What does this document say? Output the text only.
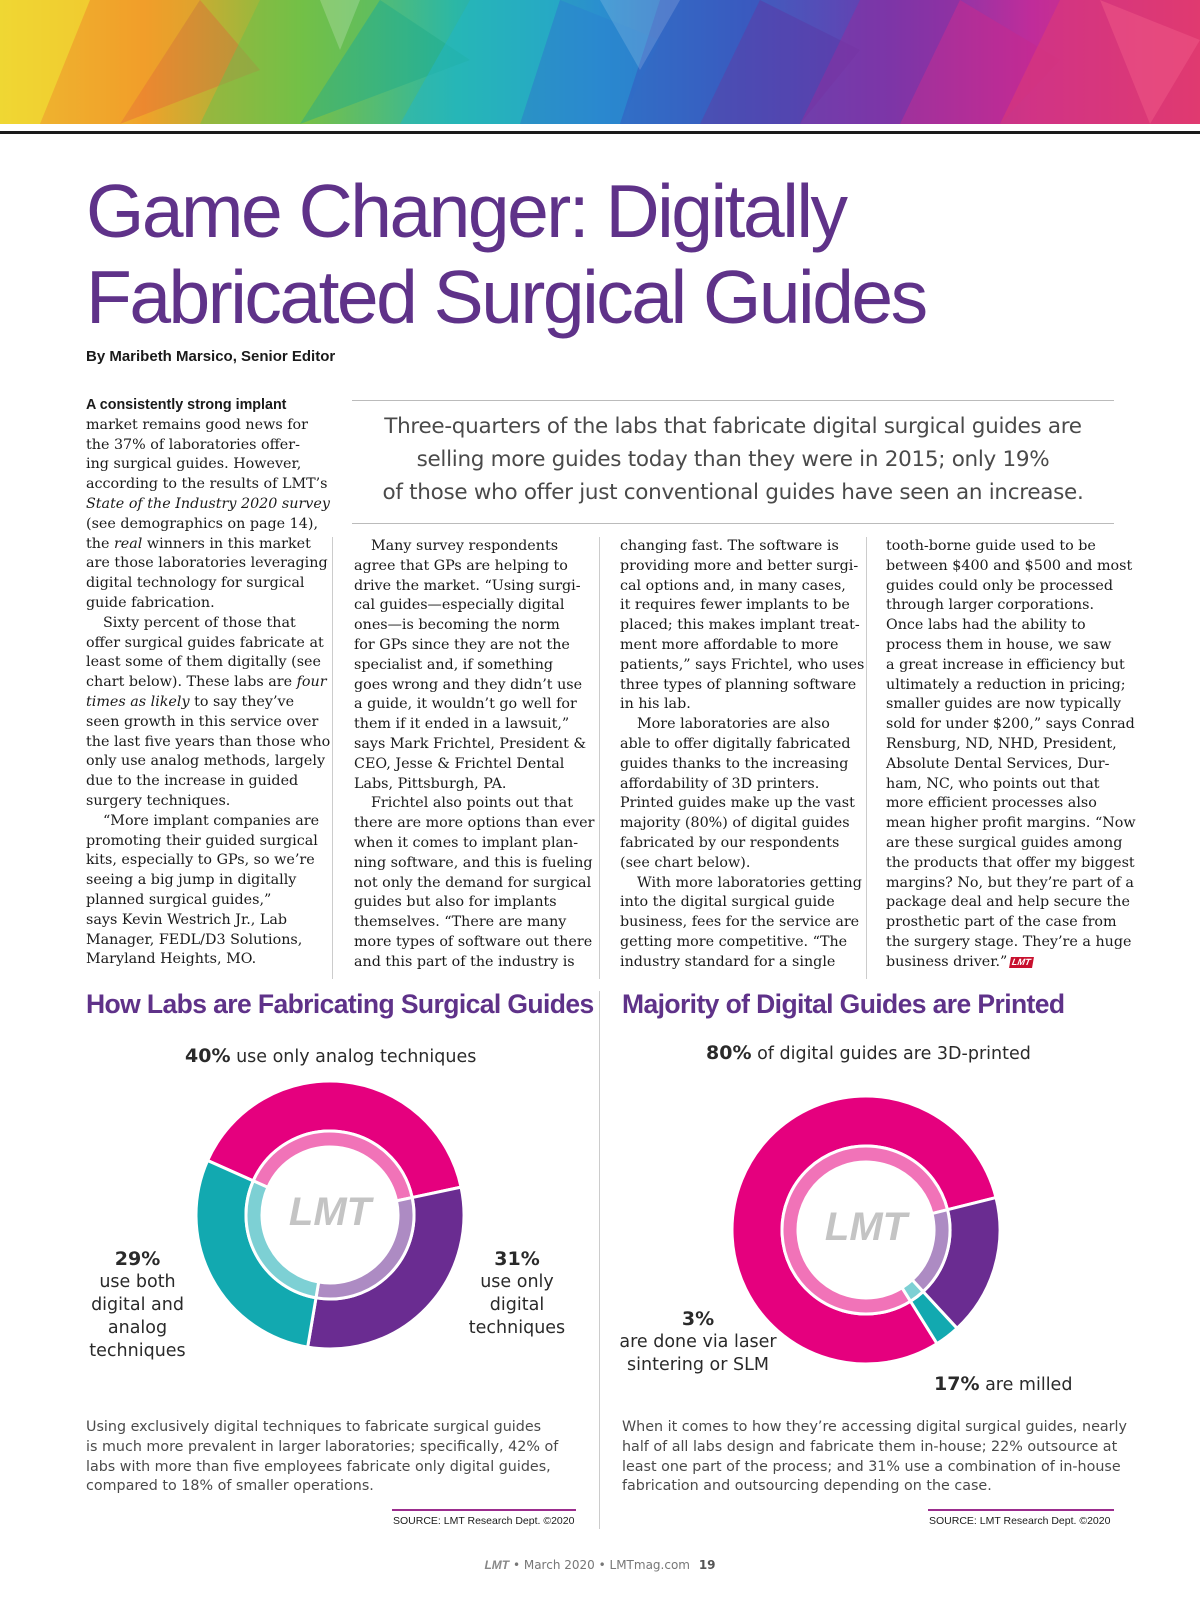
Game Changer: Digitally
Fabricated Surgical Guides
By Maribeth Marsico, Senior Editor

Three-quarters of the labs that fabricate digital surgical guides are
selling more guides today than they were in 2015; only 19%
of those who offer just conventional guides have seen an increase.

A consistently strong implant
market remains good news for
the 37% of laboratories offer-
ing surgical guides. However,
according to the results of LMT’s
State of the Industry 2020 survey
(see demographics on page 14),
the real winners in this market
are those laboratories leveraging
digital technology for surgical
guide fabrication.
Sixty percent of those that
offer surgical guides fabricate at
least some of them digitally (see
chart below). These labs are four
times as likely to say they’ve
seen growth in this service over
the last five years than those who
only use analog methods, largely
due to the increase in guided
surgery techniques.
“More implant companies are
promoting their guided surgical
kits, especially to GPs, so we’re
seeing a big jump in digitally
planned surgical guides,”
says Kevin Westrich Jr., Lab
Manager, FEDL/D3 Solutions,
Maryland Heights, MO.
Many survey respondents
agree that GPs are helping to
drive the market. “Using surgi-
cal guides—especially digital
ones—is becoming the norm
for GPs since they are not the
specialist and, if something
goes wrong and they didn’t use
a guide, it wouldn’t go well for
them if it ended in a lawsuit,”
says Mark Frichtel, President &
CEO, Jesse & Frichtel Dental
Labs, Pittsburgh, PA.
Frichtel also points out that
there are more options than ever
when it comes to implant plan-
ning software, and this is fueling
not only the demand for surgical
guides but also for implants
themselves. “There are many
more types of software out there
and this part of the industry is
changing fast. The software is
providing more and better surgi-
cal options and, in many cases,
it requires fewer implants to be
placed; this makes implant treat-
ment more affordable to more
patients,” says Frichtel, who uses
three types of planning software
in his lab.
More laboratories are also
able to offer digitally fabricated
guides thanks to the increasing
affordability of 3D printers.
Printed guides make up the vast
majority (80%) of digital guides
fabricated by our respondents
(see chart below).
With more laboratories getting
into the digital surgical guide
business, fees for the service are
getting more competitive. “The
industry standard for a single
tooth-borne guide used to be
between $400 and $500 and most
guides could only be processed
through larger corporations.
Once labs had the ability to
process them in house, we saw
a great increase in efficiency but
ultimately a reduction in pricing;
smaller guides are now typically
sold for under $200,” says Conrad
Rensburg, ND, NHD, President,
Absolute Dental Services, Dur-
ham, NC, who points out that
more efficient processes also
mean higher profit margins. “Now
are these surgical guides among
the products that offer my biggest
margins? No, but they’re part of a
package deal and help secure the
prosthetic part of the case from
the surgery stage. They’re a huge
business driver.” LMT
How Labs are Fabricating Surgical Guides
40% use only analog techniques
LMT
29%
use both
digital and
analog
techniques
31%
use only
digital
techniques
Using exclusively digital techniques to fabricate surgical guides
is much more prevalent in larger laboratories; specifically, 42% of
labs with more than five employees fabricate only digital guides,
compared to 18% of smaller operations.
SOURCE: LMT Research Dept. ©2020
Majority of Digital Guides are Printed
80% of digital guides are 3D-printed
LMT
3%
are done via laser
sintering or SLM
17% are milled
When it comes to how they’re accessing digital surgical guides, nearly
half of all labs design and fabricate them in-house; 22% outsource at
least one part of the process; and 31% use a combination of in-house
fabrication and outsourcing depending on the case.
SOURCE: LMT Research Dept. ©2020
LMT • March 2020 • LMTmag.com 19
